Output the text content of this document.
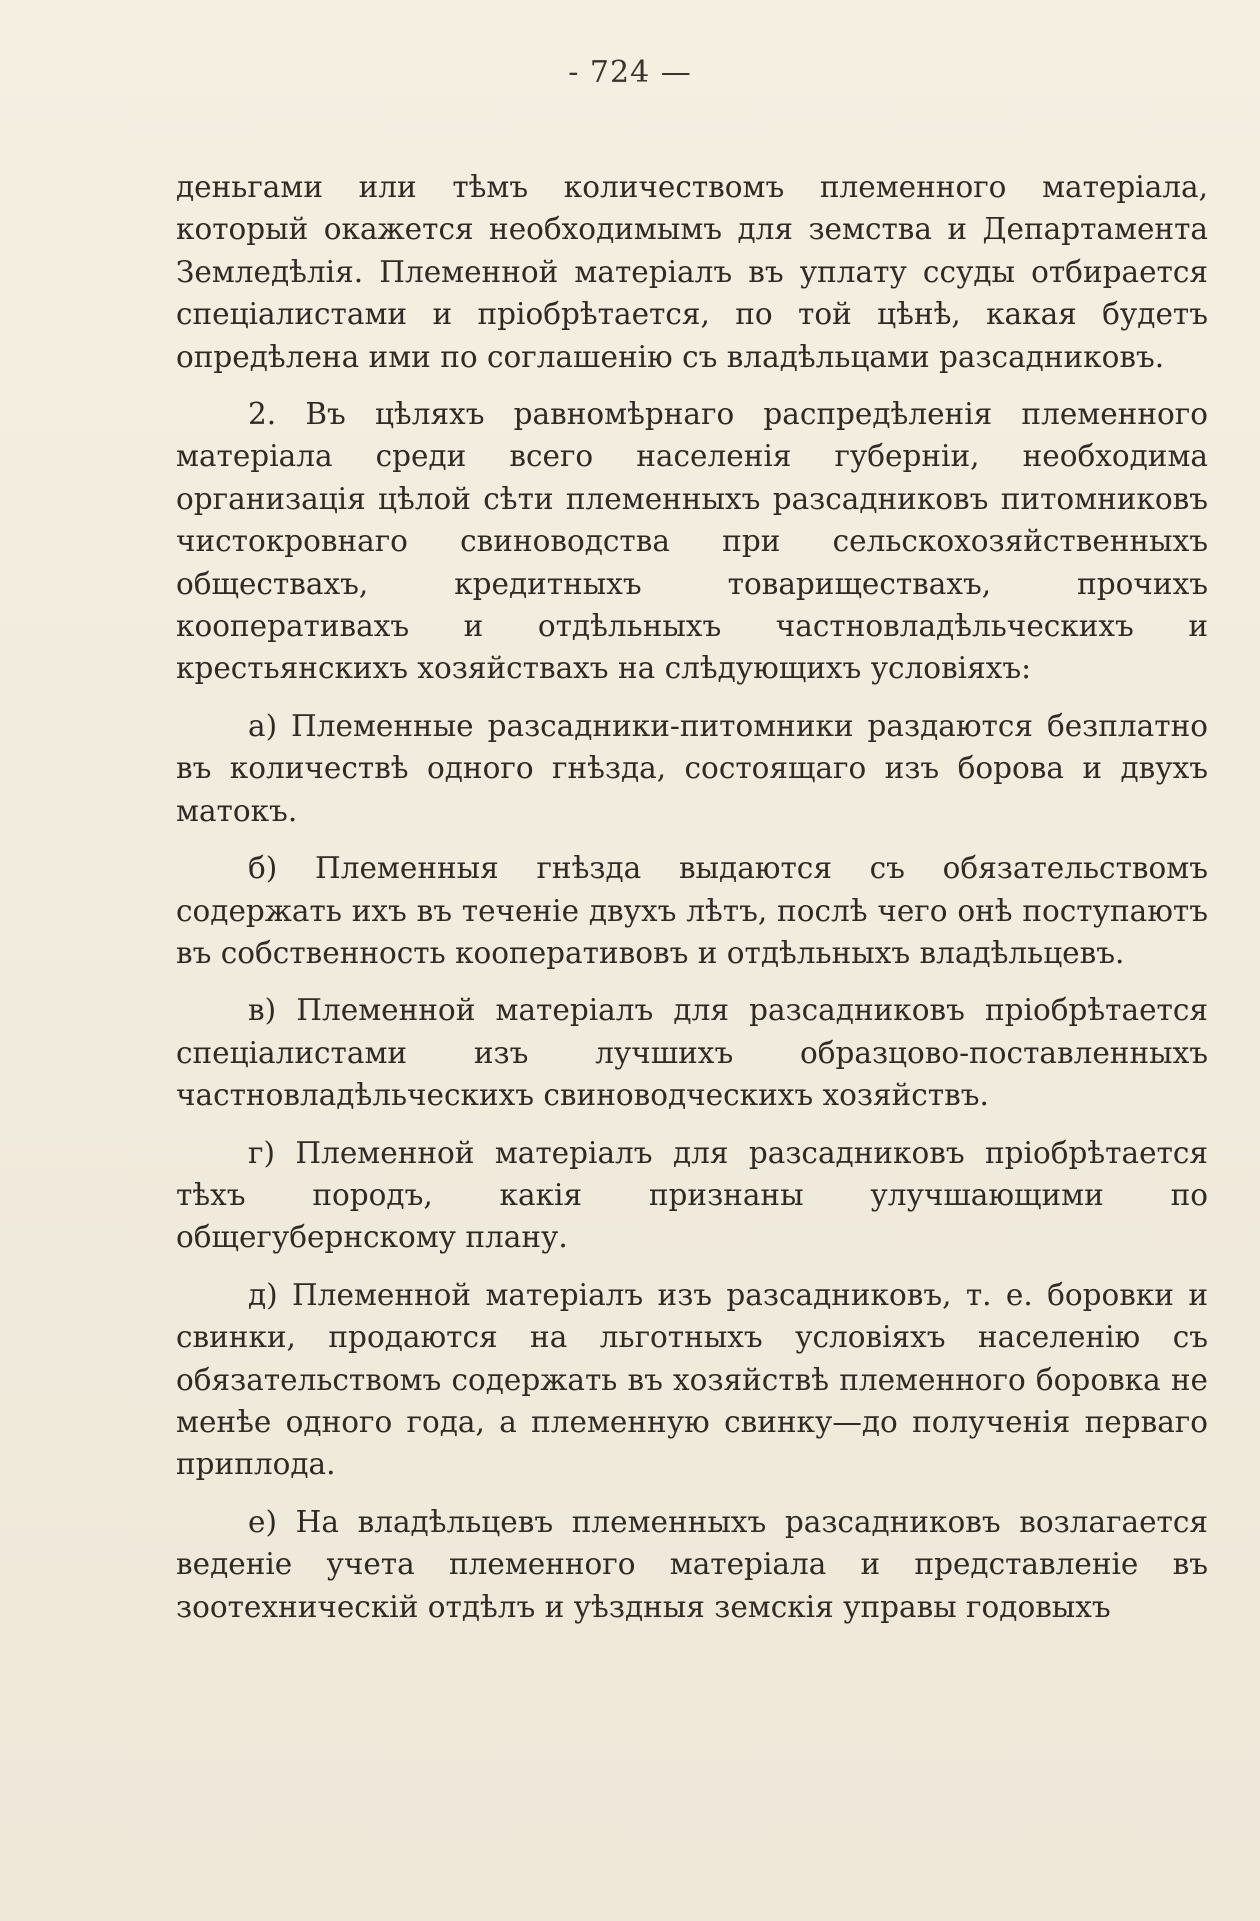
- 724 —

деньгами или тѣмъ количествомъ племенного матеріала, который окажется необходимымъ для земства и Департамента Земледѣлія. Племенной матеріалъ въ уплату ссуды отбирается спеціалистами и пріобрѣтается, по той цѣнѣ, какая будетъ опредѣлена ими по соглашенію съ владѣльцами разсадниковъ.

2. Въ цѣляхъ равномѣрнаго распредѣленія племенного матеріала среди всего населенія губерніи, необходима организація цѣлой сѣти племенныхъ разсадниковъ питомниковъ чистокровнаго свиноводства при сельскохозяйственныхъ обществахъ, кредитныхъ товариществахъ, прочихъ кооперативахъ и отдѣльныхъ частновладѣльческихъ и крестьянскихъ хозяйствахъ на слѣдующихъ условіяхъ:

а) Племенные разсадники-питомники раздаются безплатно въ количествѣ одного гнѣзда, состоящаго изъ борова и двухъ матокъ.

б) Племенныя гнѣзда выдаются съ обязательствомъ содержать ихъ въ теченіе двухъ лѣтъ, послѣ чего онѣ поступаютъ въ собственность кооперативовъ и отдѣльныхъ владѣльцевъ.

в) Племенной матеріалъ для разсадниковъ пріобрѣтается спеціалистами изъ лучшихъ образцово-поставленныхъ частновладѣльческихъ свиноводческихъ хозяйствъ.

г) Племенной матеріалъ для разсадниковъ пріобрѣтается тѣхъ породъ, какія признаны улучшающими по общегубернскому плану.

д) Племенной матеріалъ изъ разсадниковъ, т. е. боровки и свинки, продаются на льготныхъ условіяхъ населенію съ обязательствомъ содержать въ хозяйствѣ племенного боровка не менѣе одного года, а племенную свинку—до полученія перваго приплода.

е) На владѣльцевъ племенныхъ разсадниковъ возлагается веденіе учета племенного матеріала и представленіе въ зоотехническій отдѣлъ и уѣздныя земскія управы годовыхъ
